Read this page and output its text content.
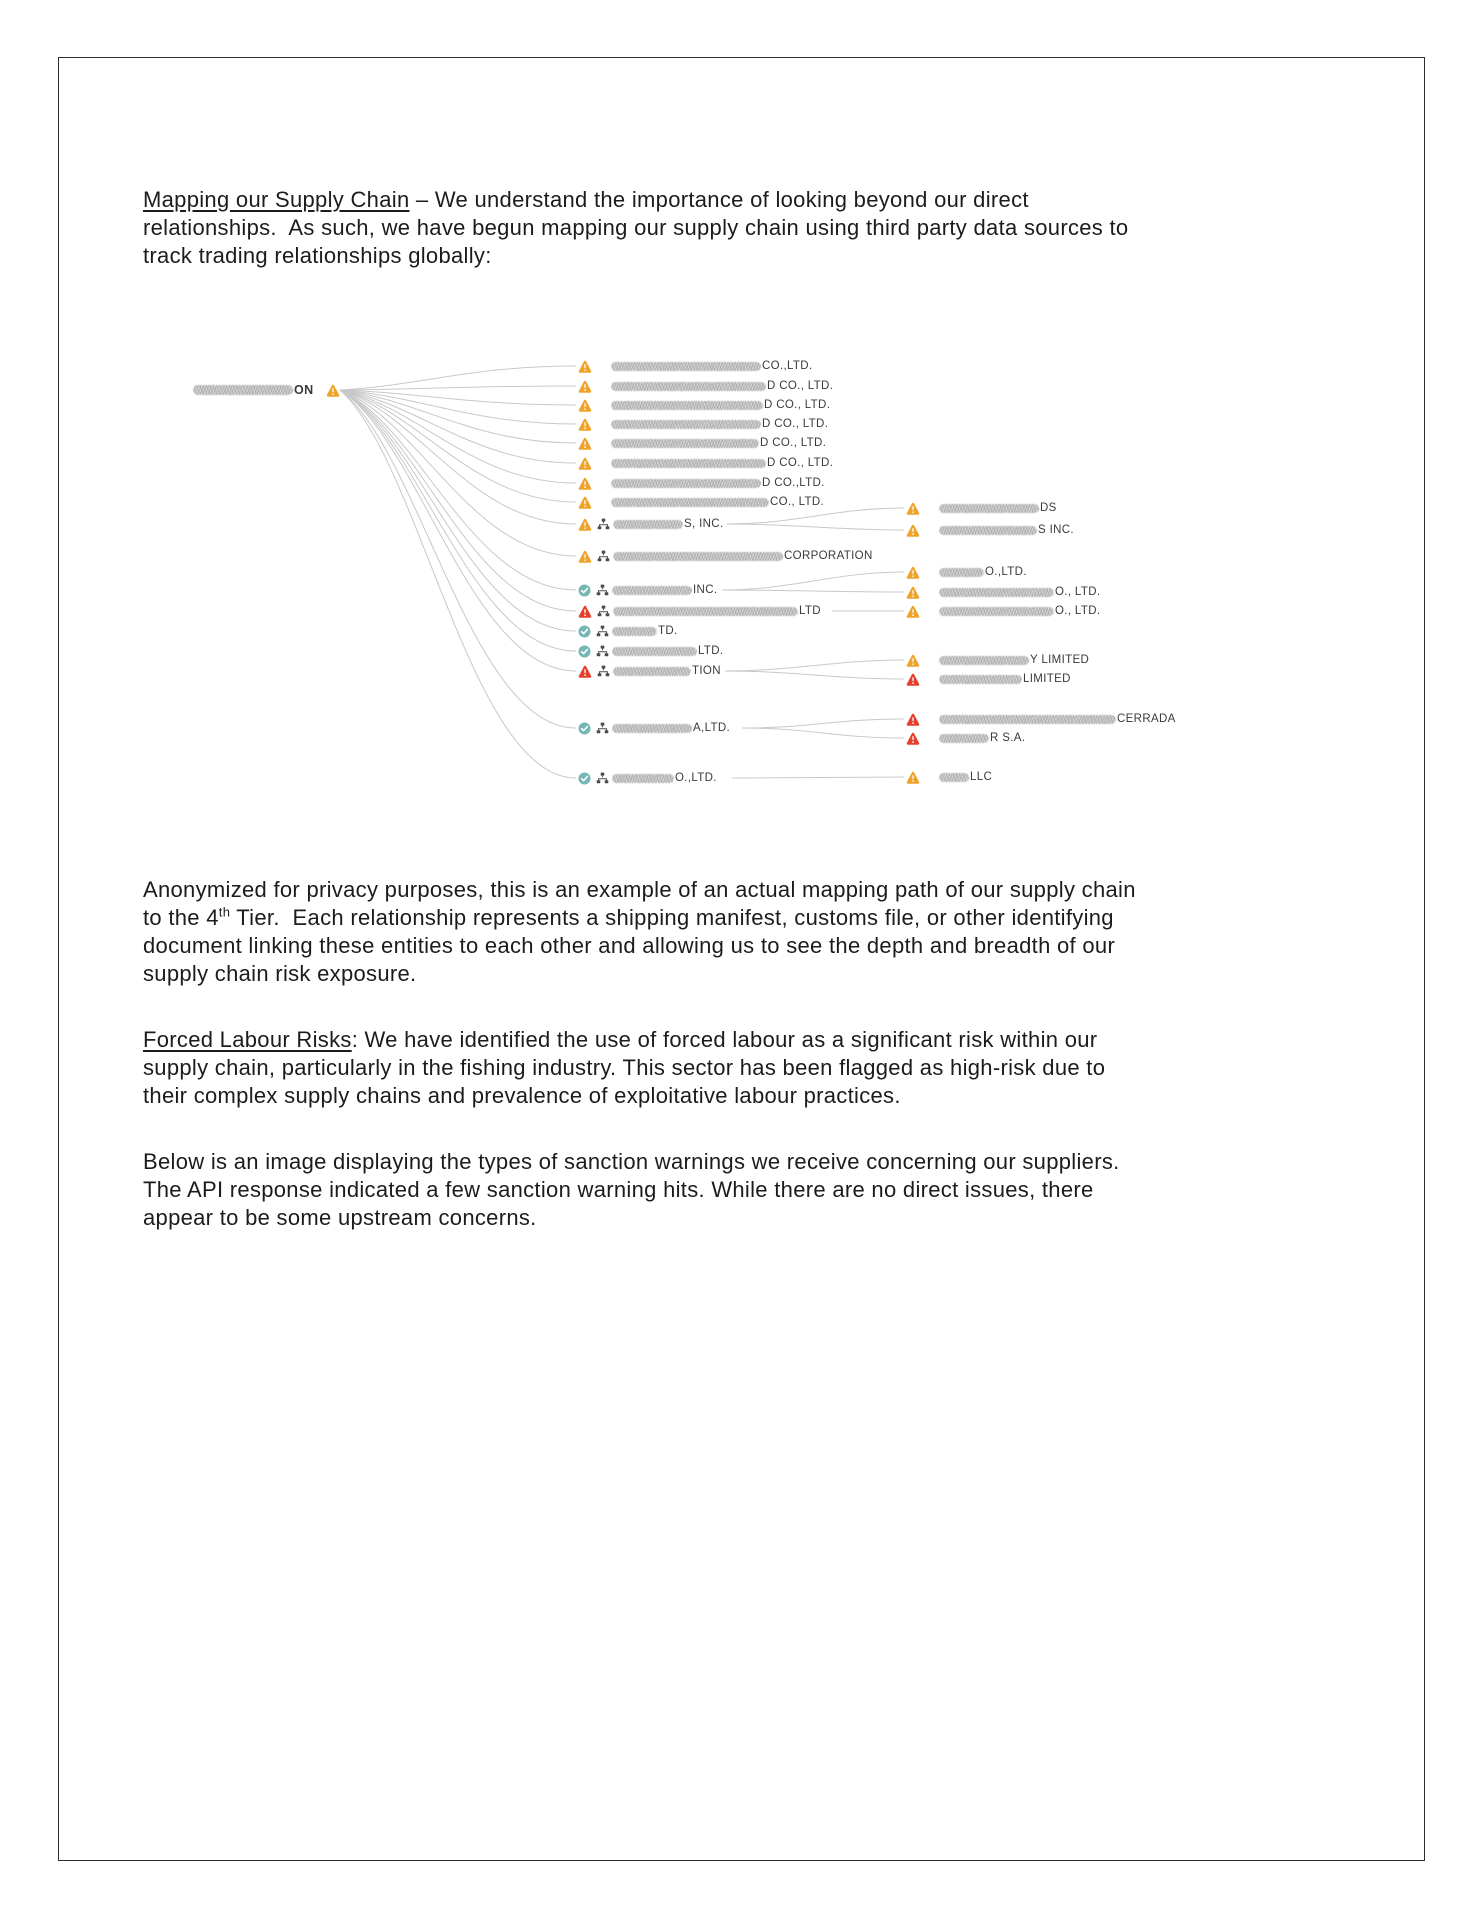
Mapping our Supply Chain – We understand the importance of looking beyond our direct
relationships.  As such, we have begun mapping our supply chain using third party data sources to
track trading relationships globally:
ON
CO.,LTD.
D CO., LTD.
D CO., LTD.
D CO., LTD.
D CO., LTD.
D CO., LTD.
D CO.,LTD.
CO., LTD.
S, INC.
CORPORATION
INC.
LTD
TD.
LTD.
TION
A,LTD.
O.,LTD.
DS
S INC.
O.,LTD.
O., LTD.
O., LTD.
Y LIMITED
LIMITED
CERRADA
R S.A.
LLC
Anonymized for privacy purposes, this is an example of an actual mapping path of our supply chain
to the 4th Tier.  Each relationship represents a shipping manifest, customs file, or other identifying
document linking these entities to each other and allowing us to see the depth and breadth of our
supply chain risk exposure.
Forced Labour Risks: We have identified the use of forced labour as a significant risk within our
supply chain, particularly in the fishing industry. This sector has been flagged as high-risk due to
their complex supply chains and prevalence of exploitative labour practices.
Below is an image displaying the types of sanction warnings we receive concerning our suppliers.
The API response indicated a few sanction warning hits. While there are no direct issues, there
appear to be some upstream concerns.
